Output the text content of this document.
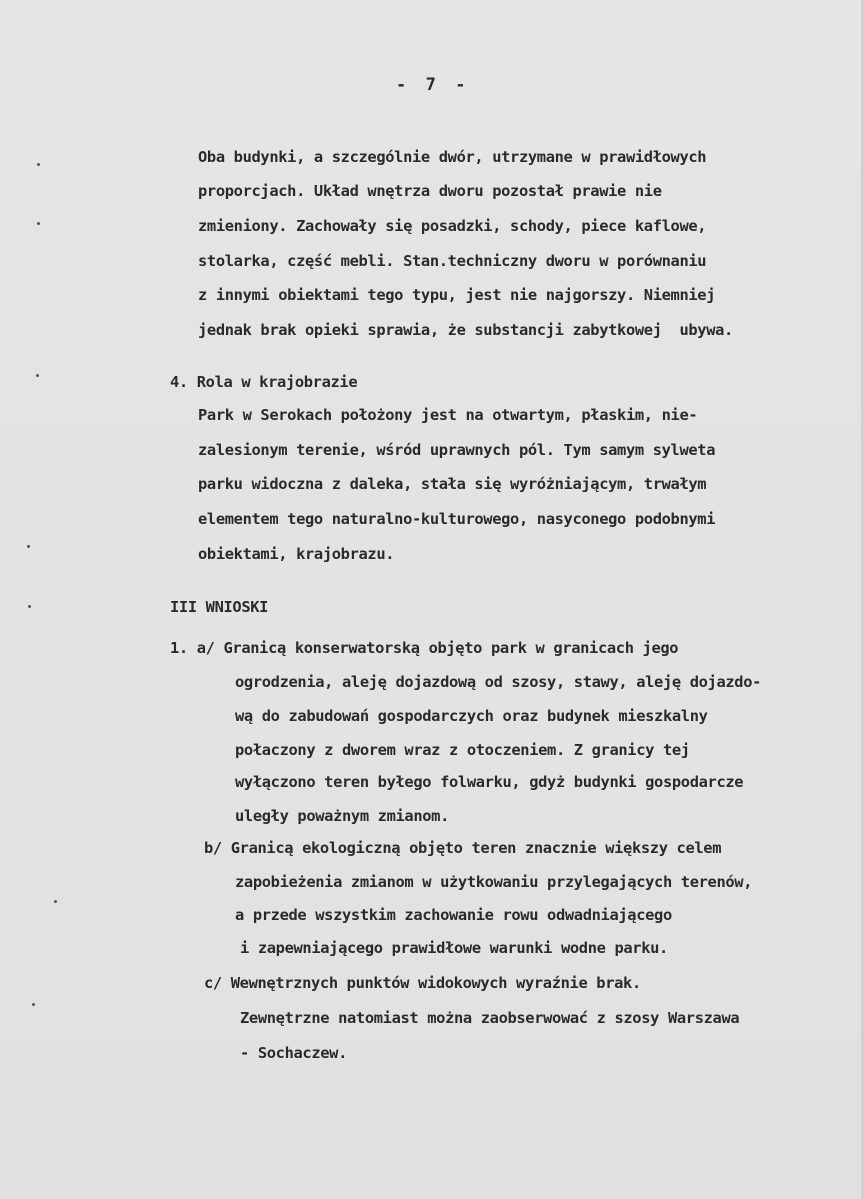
-  7  -
Oba budynki, a szczególnie dwór, utrzymane w prawidłowych
proporcjach. Układ wnętrza dworu pozostał prawie nie
zmieniony. Zachowały się posadzki, schody, piece kaflowe,
stolarka, część mebli. Stan.techniczny dworu w porównaniu
z innymi obiektami tego typu, jest nie najgorszy. Niemniej
jednak brak opieki sprawia, że substancji zabytkowej  ubywa.
4. Rola w krajobrazie
Park w Serokach położony jest na otwartym, płaskim, nie-
zalesionym terenie, wśród uprawnych pól. Tym samym sylweta
parku widoczna z daleka, stała się wyróżniającym, trwałym
elementem tego naturalno-kulturowego, nasyconego podobnymi
obiektami, krajobrazu.
III WNIOSKI
1. a/ Granicą konserwatorską objęto park w granicach jego
ogrodzenia, aleję dojazdową od szosy, stawy, aleję dojazdo-
wą do zabudowań gospodarczych oraz budynek mieszkalny
połaczony z dworem wraz z otoczeniem. Z granicy tej
wyłączono teren byłego folwarku, gdyż budynki gospodarcze
uległy poważnym zmianom.
b/ Granicą ekologiczną objęto teren znacznie większy celem
zapobieżenia zmianom w użytkowaniu przylegających terenów,
a przede wszystkim zachowanie rowu odwadniającego
i zapewniającego prawidłowe warunki wodne parku.
c/ Wewnętrznych punktów widokowych wyraźnie brak.
Zewnętrzne natomiast można zaobserwować z szosy Warszawa
- Sochaczew.
